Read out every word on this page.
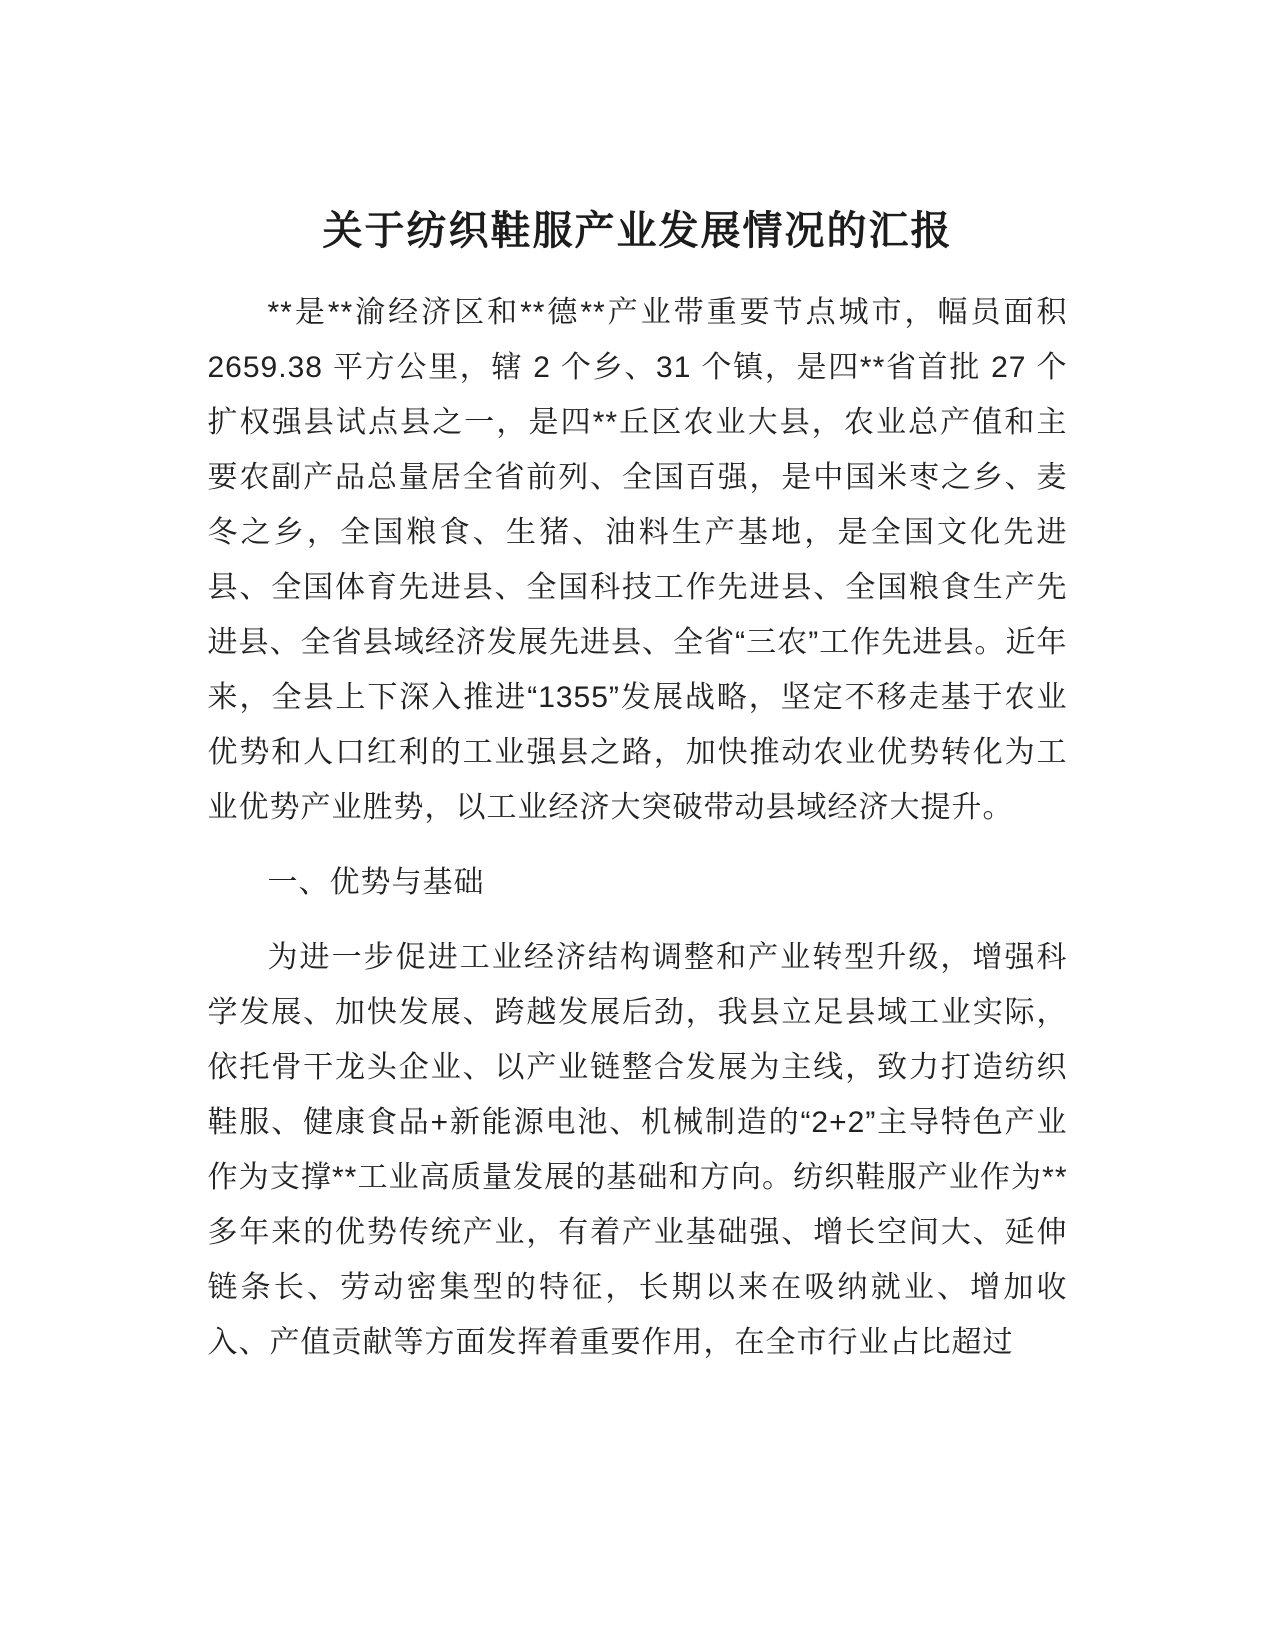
关于纺织鞋服产业发展情况的汇报

**是**渝经济区和**德**产业带重要节点城市，幅员面积2659.38 平方公里，辖 2 个乡、31 个镇，是四**省首批 27 个扩权强县试点县之一，是四**丘区农业大县，农业总产值和主要农副产品总量居全省前列、全国百强，是中国米枣之乡、麦冬之乡，全国粮食、生猪、油料生产基地，是全国文化先进县、全国体育先进县、全国科技工作先进县、全国粮食生产先进县、全省县域经济发展先进县、全省“三农”工作先进县。近年来，全县上下深入推进“1355”发展战略，坚定不移走基于农业优势和人口红利的工业强县之路，加快推动农业优势转化为工业优势产业胜势，以工业经济大突破带动县域经济大提升。

一、优势与基础

为进一步促进工业经济结构调整和产业转型升级，增强科学发展、加快发展、跨越发展后劲，我县立足县域工业实际，依托骨干龙头企业、以产业链整合发展为主线，致力打造纺织鞋服、健康食品+新能源电池、机械制造的“2+2”主导特色产业作为支撑**工业高质量发展的基础和方向。纺织鞋服产业作为**多年来的优势传统产业，有着产业基础强、增长空间大、延伸链条长、劳动密集型的特征，长期以来在吸纳就业、增加收入、产值贡献等方面发挥着重要作用，在全市行业占比超过
